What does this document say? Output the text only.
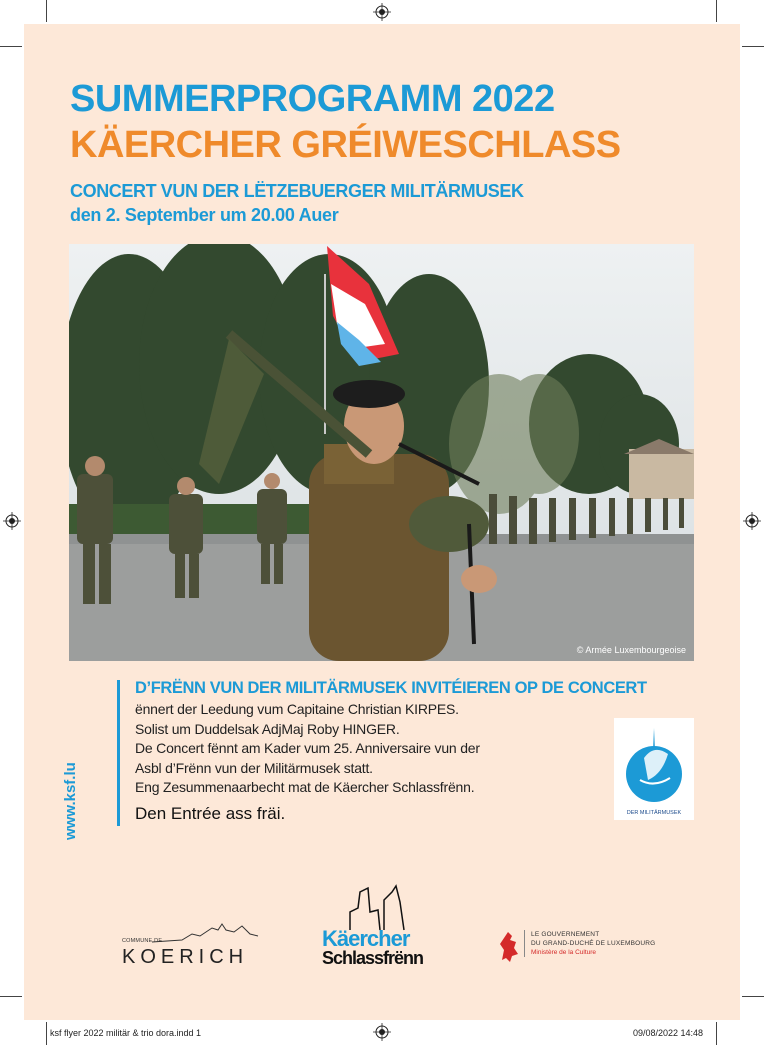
SUMMERPROGRAMM 2022
KÄERCHER GRÉIWESCHLASS
CONCERT VUN DER LËTZEBUERGER MILITÄRMUSEK
den 2. September um 20.00 Auer
© Armée Luxembourgeoise
www.ksf.lu
D’FRËNN VUN DER MILITÄRMUSEK INVITÉIEREN OP DE CONCERT
ënnert der Leedung vum Capitaine Christian KIRPES.
Solist um Duddelsak AdjMaj Roby HINGER.
De Concert fënnt am Kader vum 25. Anniversaire vun der
Asbl d’Frënn vun der Militärmusek statt.
Eng Zesummenaarbecht mat de Käercher Schlassfrënn.
Den Entrée ass fräi.	DER MILITÄRMUSEK
COMMUNE DE
KOERICH
Käercher
Schlassfrënn
LE GOUVERNEMENT
DU GRAND-DUCHÉ DE LUXEMBOURG
Ministère de la Culture
ksf flyer 2022 militär & trio dora.indd 1	09/08/2022 14:48
